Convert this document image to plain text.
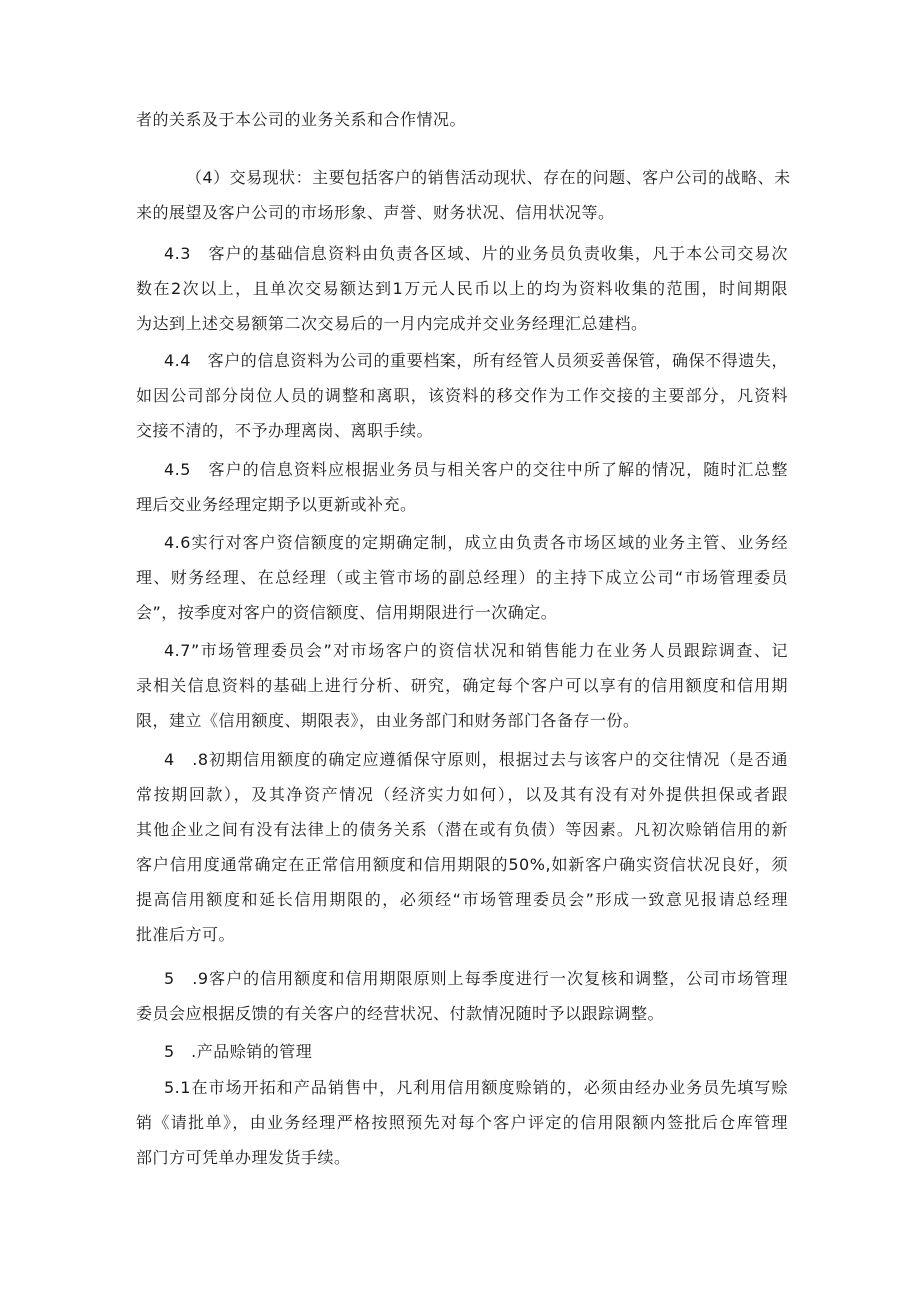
者的关系及于本公司的业务关系和合作情况。
（4）交易现状：主要包括客户的销售活动现状、存在的问题、客户公司的战略、未
来的展望及客户公司的市场形象、声誉、财务状况、信用状况等。
4.3　客户的基础信息资料由负责各区域、片的业务员负责收集，凡于本公司交易次
数在2次以上，且单次交易额达到1万元人民币以上的均为资料收集的范围，时间期限
为达到上述交易额第二次交易后的一月内完成并交业务经理汇总建档。
4.4　客户的信息资料为公司的重要档案，所有经管人员须妥善保管，确保不得遗失，
如因公司部分岗位人员的调整和离职，该资料的移交作为工作交接的主要部分，凡资料
交接不清的，不予办理离岗、离职手续。
4.5　客户的信息资料应根据业务员与相关客户的交往中所了解的情况，随时汇总整
理后交业务经理定期予以更新或补充。
4.6实行对客户资信额度的定期确定制，成立由负责各市场区域的业务主管、业务经
理、财务经理、在总经理（或主管市场的副总经理）的主持下成立公司“市场管理委员
会”，按季度对客户的资信额度、信用期限进行一次确定。
4.7”市场管理委员会”对市场客户的资信状况和销售能力在业务人员跟踪调查、记
录相关信息资料的基础上进行分析、研究，确定每个客户可以享有的信用额度和信用期
限，建立《信用额度、期限表》，由业务部门和财务部门各备存一份。
4　.8初期信用额度的确定应遵循保守原则，根据过去与该客户的交往情况（是否通
常按期回款），及其净资产情况（经济实力如何），以及其有没有对外提供担保或者跟
其他企业之间有没有法律上的债务关系（潜在或有负债）等因素。凡初次赊销信用的新
客户信用度通常确定在正常信用额度和信用期限的50%,如新客户确实资信状况良好，须
提高信用额度和延长信用期限的，必须经“市场管理委员会”形成一致意见报请总经理
批准后方可。
5　.9客户的信用额度和信用期限原则上每季度进行一次复核和调整，公司市场管理
委员会应根据反馈的有关客户的经营状况、付款情况随时予以跟踪调整。
5　.产品赊销的管理
5.1在市场开拓和产品销售中，凡利用信用额度赊销的，必须由经办业务员先填写赊
销《请批单》，由业务经理严格按照预先对每个客户评定的信用限额内签批后仓库管理
部门方可凭单办理发货手续。
